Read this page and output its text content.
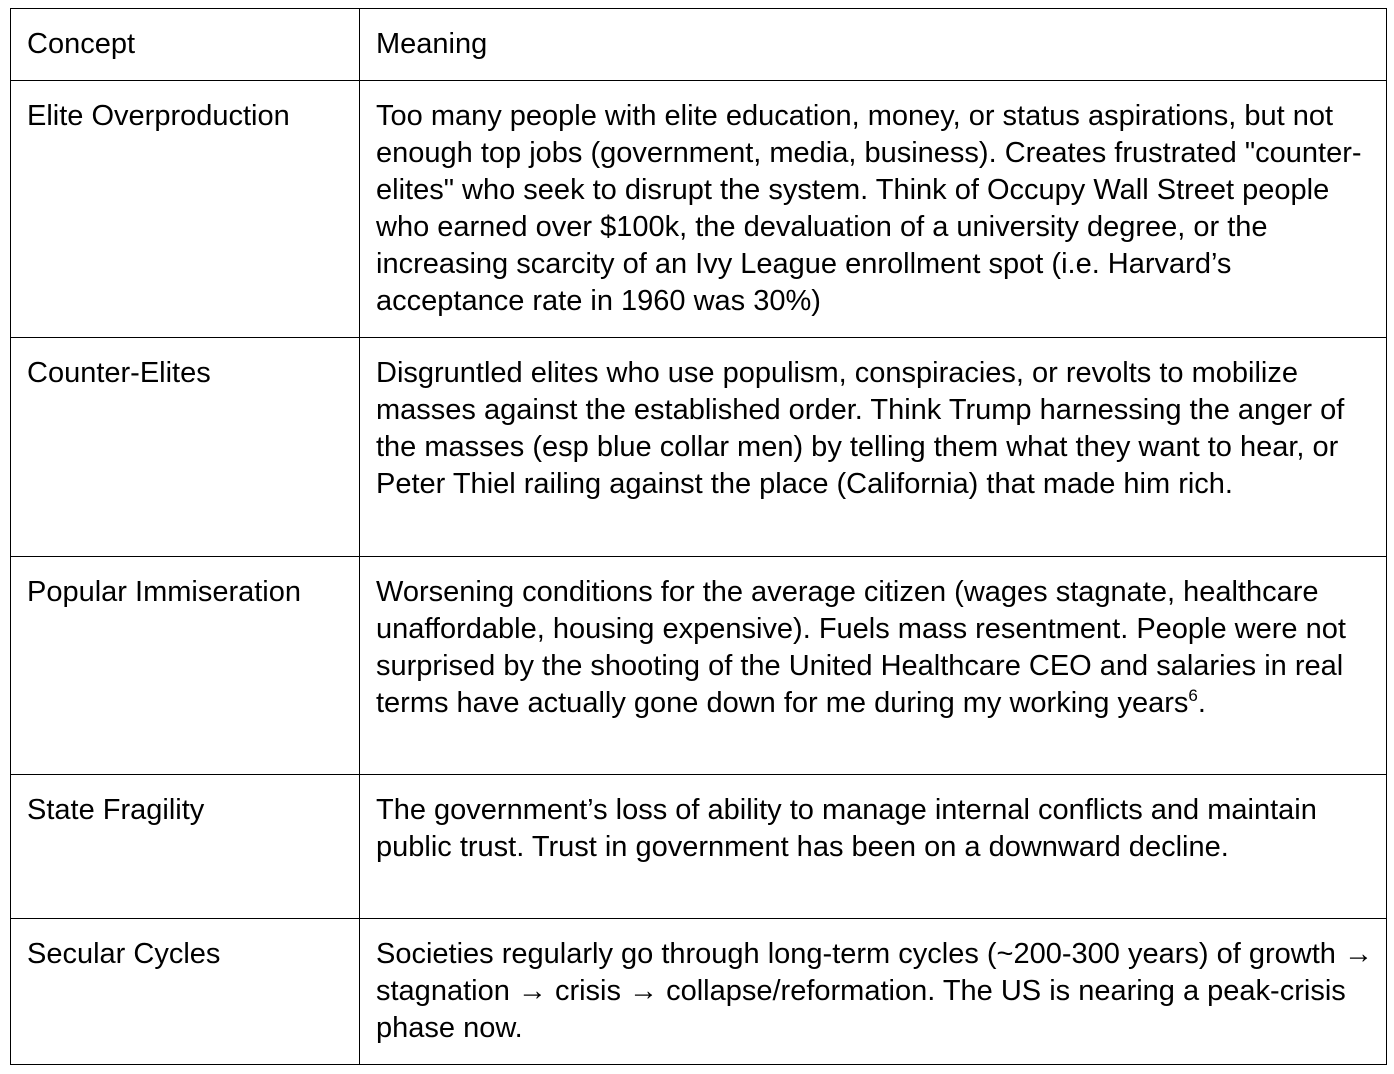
Concept	Meaning
Elite Overproduction	Too many people with elite education, money, or status aspirations, but not enough top jobs (government, media, business). Creates frustrated "counter-elites" who seek to disrupt the system. Think of Occupy Wall Street people who earned over $100k, the devaluation of a university degree, or the increasing scarcity of an Ivy League enrollment spot (i.e. Harvard’s acceptance rate in 1960 was 30%)
Counter-Elites	Disgruntled elites who use populism, conspiracies, or revolts to mobilize masses against the established order. Think Trump harnessing the anger of the masses (esp blue collar men) by telling them what they want to hear, or Peter Thiel railing against the place (California) that made him rich.
Popular Immiseration	Worsening conditions for the average citizen (wages stagnate, healthcare unaffordable, housing expensive). Fuels mass resentment. People were not surprised by the shooting of the United Healthcare CEO and salaries in real terms have actually gone down for me during my working years$^6$.
State Fragility	The government’s loss of ability to manage internal conflicts and maintain public trust. Trust in government has been on a downward decline.
Secular Cycles	Societies regularly go through long-term cycles (~200-300 years) of growth → stagnation → crisis → collapse/reformation. The US is nearing a peak-crisis phase now.
